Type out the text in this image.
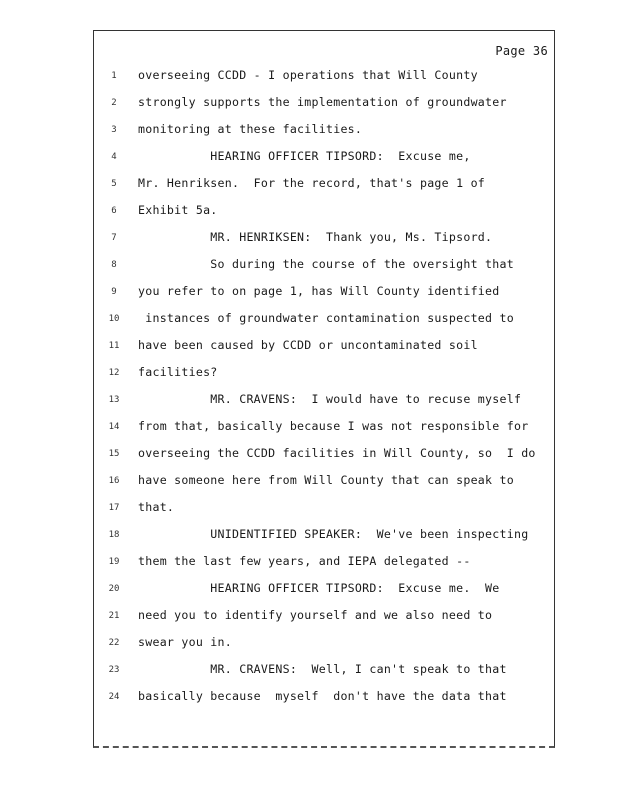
Page 36
1	overseeing CCDD - I operations that Will County
2	strongly supports the implementation of groundwater
3	monitoring at these facilities.
4	HEARING OFFICER TIPSORD:  Excuse me,
5	Mr. Henriksen.  For the record, that's page 1 of
6	Exhibit 5a.
7	MR. HENRIKSEN:  Thank you, Ms. Tipsord.
8	So during the course of the oversight that
9	you refer to on page 1, has Will County identified
10	instances of groundwater contamination suspected to
11	have been caused by CCDD or uncontaminated soil
12	facilities?
13	MR. CRAVENS:  I would have to recuse myself
14	from that, basically because I was not responsible for
15	overseeing the CCDD facilities in Will County, so  I do
16	have someone here from Will County that can speak to
17	that.
18	UNIDENTIFIED SPEAKER:  We've been inspecting
19	them the last few years, and IEPA delegated --
20	HEARING OFFICER TIPSORD:  Excuse me.  We
21	need you to identify yourself and we also need to
22	swear you in.
23	MR. CRAVENS:  Well, I can't speak to that
24	basically because  myself  don't have the data that
